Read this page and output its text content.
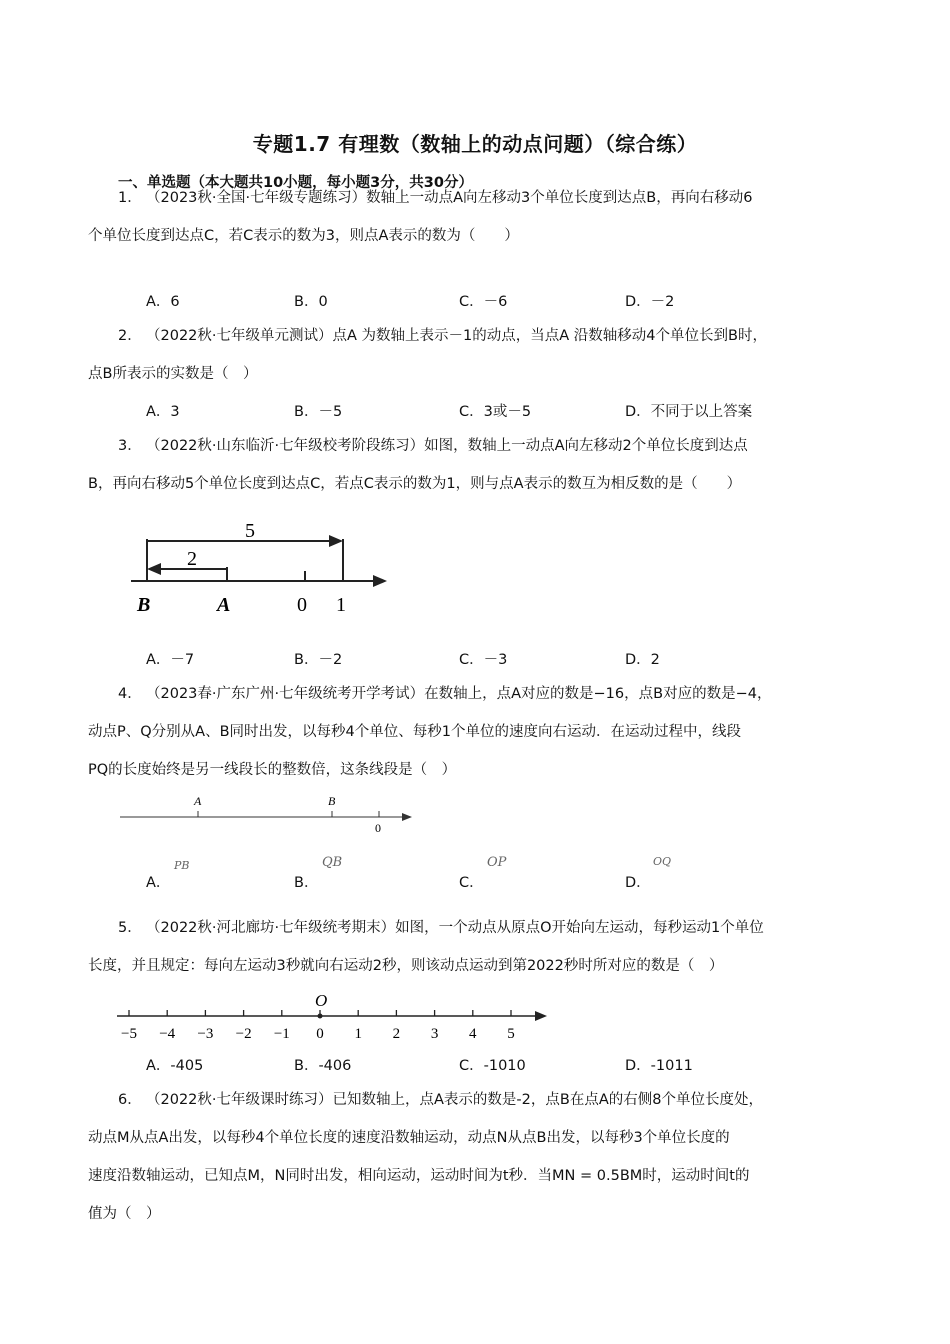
专题1.7 有理数（数轴上的动点问题）（综合练）
一、单选题（本大题共10小题，每小题3分，共30分）
1． （2023秋·全国·七年级专题练习）数轴上一动点A向左移动3个单位长度到达点B，再向右移动6
个单位长度到达点C，若C表示的数为3，则点A表示的数为（　　）
A．6	B．0	C．－6	D．－2
2． （2022秋·七年级单元测试）点A 为数轴上表示－1的动点，当点A 沿数轴移动4个单位长到B时，
点B所表示的实数是（　）
A．3	B．－5	C．3或－5	D．不同于以上答案
3． （2022秋·山东临沂·七年级校考阶段练习）如图，数轴上一动点A向左移动2个单位长度到达点
B，再向右移动5个单位长度到达点C，若点C表示的数为1，则与点A表示的数互为相反数的是（　　）
5
2
B	A	0 1
A．－7	B．－2	C．－3	D．2
4． （2023春·广东广州·七年级统考开学考试）在数轴上，点A对应的数是−16，点B对应的数是−4，
动点P、Q分别从A、B同时出发，以每秒4个单位、每秒1个单位的速度向右运动．在运动过程中，线段
PQ的长度始终是另一线段长的整数倍，这条线段是（　）
A	B
0
A．
PB
B．
QB
C．
OP
D．
OQ
5． （2022秋·河北廊坊·七年级统考期末）如图，一个动点从原点O开始向左运动，每秒运动1个单位
长度，并且规定：每向左运动3秒就向右运动2秒，则该动点运动到第2022秒时所对应的数是（　）
O
−5 −4 −3 −2 −1 0 1 2 3 4 5
A．-405	B．-406	C．-1010	D．-1011
6． （2022秋·七年级课时练习）已知数轴上，点A表示的数是-2，点B在点A的右侧8个单位长度处，
动点M从点A出发，以每秒4个单位长度的速度沿数轴运动，动点N从点B出发，以每秒3个单位长度的
速度沿数轴运动，已知点M，N同时出发，相向运动，运动时间为t秒．当MN = 0.5BM时，运动时间t的
值为（　）
